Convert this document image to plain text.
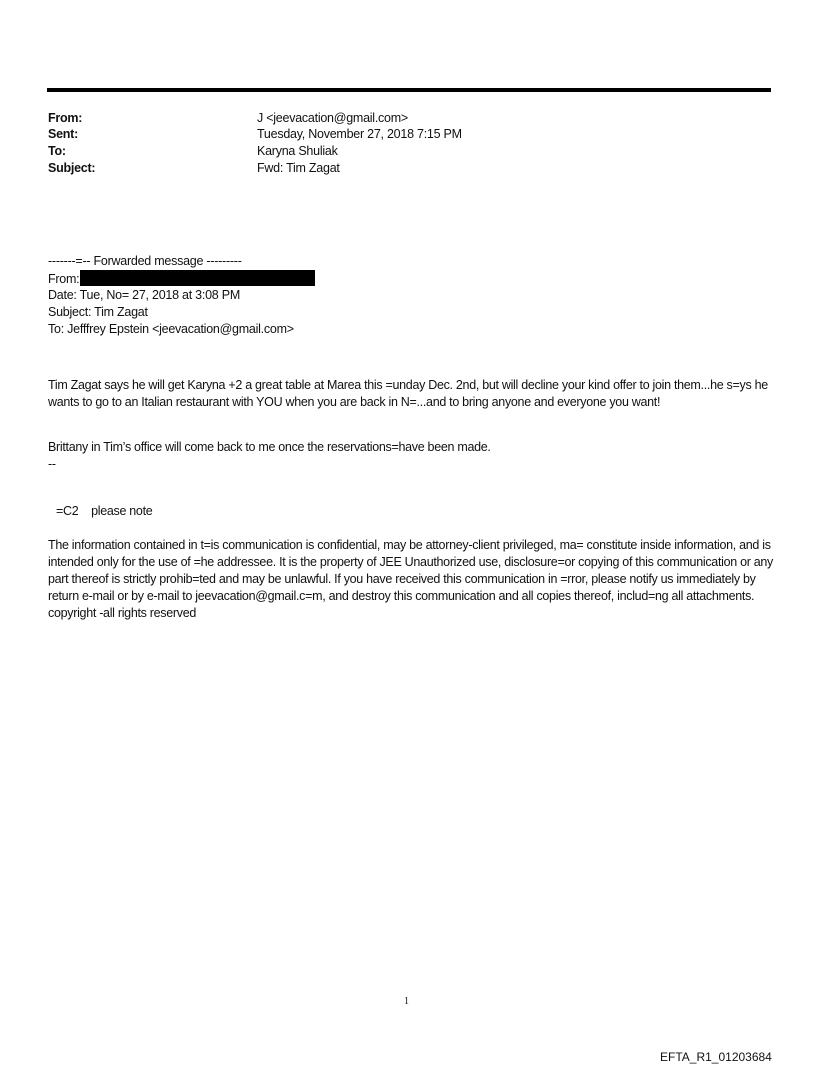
From:	J <jeevacation@gmail.com>
Sent:	Tuesday, November 27, 2018 7:15 PM
To:	Karyna Shuliak
Subject:	Fwd: Tim Zagat
-------=-- Forwarded message ---------
From:
Date: Tue, No= 27, 2018 at 3:08 PM
Subject: Tim Zagat
To: Jefffrey Epstein <jeevacation@gmail.com>
Tim Zagat says he will get Karyna +2 a great table at Marea this =unday Dec. 2nd, but will decline your kind offer to join them...he s=ys he wants to go to an Italian restaurant with YOU when you are back in N=...and to bring anyone and everyone you want!
Brittany in Tim’s office will come back to me once the reservations=have been made.
--
=C2    please note
The information contained in t=is communication is confidential, may be attorney-client privileged, ma= constitute inside information, and is intended only for the use of =he addressee. It is the property of JEE Unauthorized use, disclosure=or copying of this communication or any part thereof is strictly prohib=ted and may be unlawful. If you have received this communication in =rror, please notify us immediately by return e-mail or by e-mail to jeevacation@gmail.c=m, and destroy this communication and all copies thereof, includ=ng all attachments. copyright -all rights reserved
1
EFTA_R1_01203684
